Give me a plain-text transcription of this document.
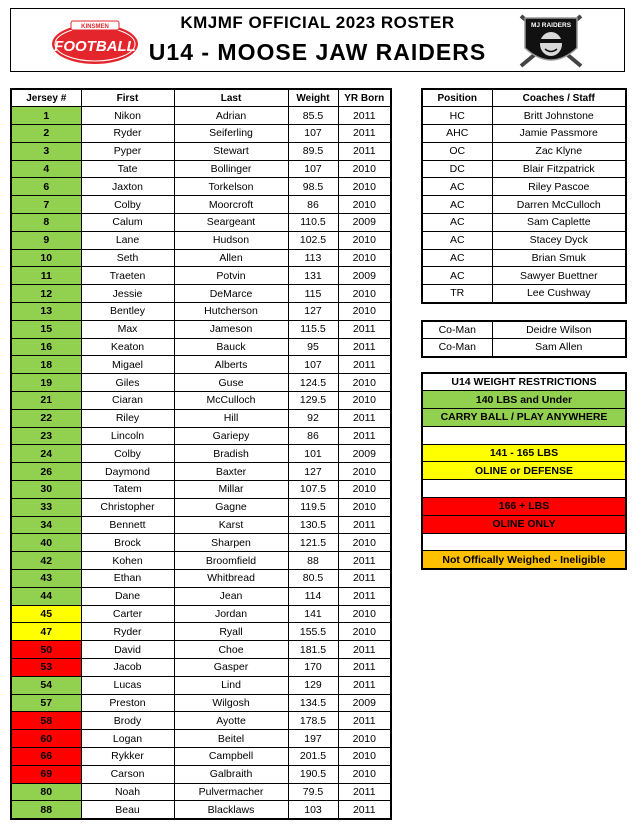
KINSMEN
FOOTBALL
KMJMF OFFICIAL 2023 ROSTER
U14 - MOOSE JAW RAIDERS
MJ RAIDERS
Jersey #	First	Last	Weight	YR Born
1	Nikon	Adrian	85.5	2011
2	Ryder	Seiferling	107	2011
3	Pyper	Stewart	89.5	2011
4	Tate	Bollinger	107	2010
6	Jaxton	Torkelson	98.5	2010
7	Colby	Moorcroft	86	2010
8	Calum	Seargeant	110.5	2009
9	Lane	Hudson	102.5	2010
10	Seth	Allen	113	2010
11	Traeten	Potvin	131	2009
12	Jessie	DeMarce	115	2010
13	Bentley	Hutcherson	127	2010
15	Max	Jameson	115.5	2011
16	Keaton	Bauck	95	2011
18	Migael	Alberts	107	2011
19	Giles	Guse	124.5	2010
21	Ciaran	McCulloch	129.5	2010
22	Riley	Hill	92	2011
23	Lincoln	Gariepy	86	2011
24	Colby	Bradish	101	2009
26	Daymond	Baxter	127	2010
30	Tatem	Millar	107.5	2010
33	Christopher	Gagne	119.5	2010
34	Bennett	Karst	130.5	2011
40	Brock	Sharpen	121.5	2010
42	Kohen	Broomfield	88	2011
43	Ethan	Whitbread	80.5	2011
44	Dane	Jean	114	2011
45	Carter	Jordan	141	2010
47	Ryder	Ryall	155.5	2010
50	David	Choe	181.5	2011
53	Jacob	Gasper	170	2011
54	Lucas	Lind	129	2011
57	Preston	Wilgosh	134.5	2009
58	Brody	Ayotte	178.5	2011
60	Logan	Beitel	197	2010
66	Rykker	Campbell	201.5	2010
69	Carson	Galbraith	190.5	2010
80	Noah	Pulvermacher	79.5	2011
88	Beau	Blacklaws	103	2011
Position	Coaches / Staff
HC	Britt Johnstone
AHC	Jamie Passmore
OC	Zac Klyne
DC	Blair Fitzpatrick
AC	Riley Pascoe
AC	Darren McCulloch
AC	Sam Caplette
AC	Stacey Dyck
AC	Brian Smuk
AC	Sawyer Buettner
TR	Lee Cushway
Co-Man	Deidre Wilson
Co-Man	Sam Allen
U14 WEIGHT RESTRICTIONS
140 LBS and Under
CARRY BALL / PLAY ANYWHERE

141 - 165 LBS
OLINE or DEFENSE

166 + LBS
OLINE ONLY

Not Offically Weighed - Ineligible
